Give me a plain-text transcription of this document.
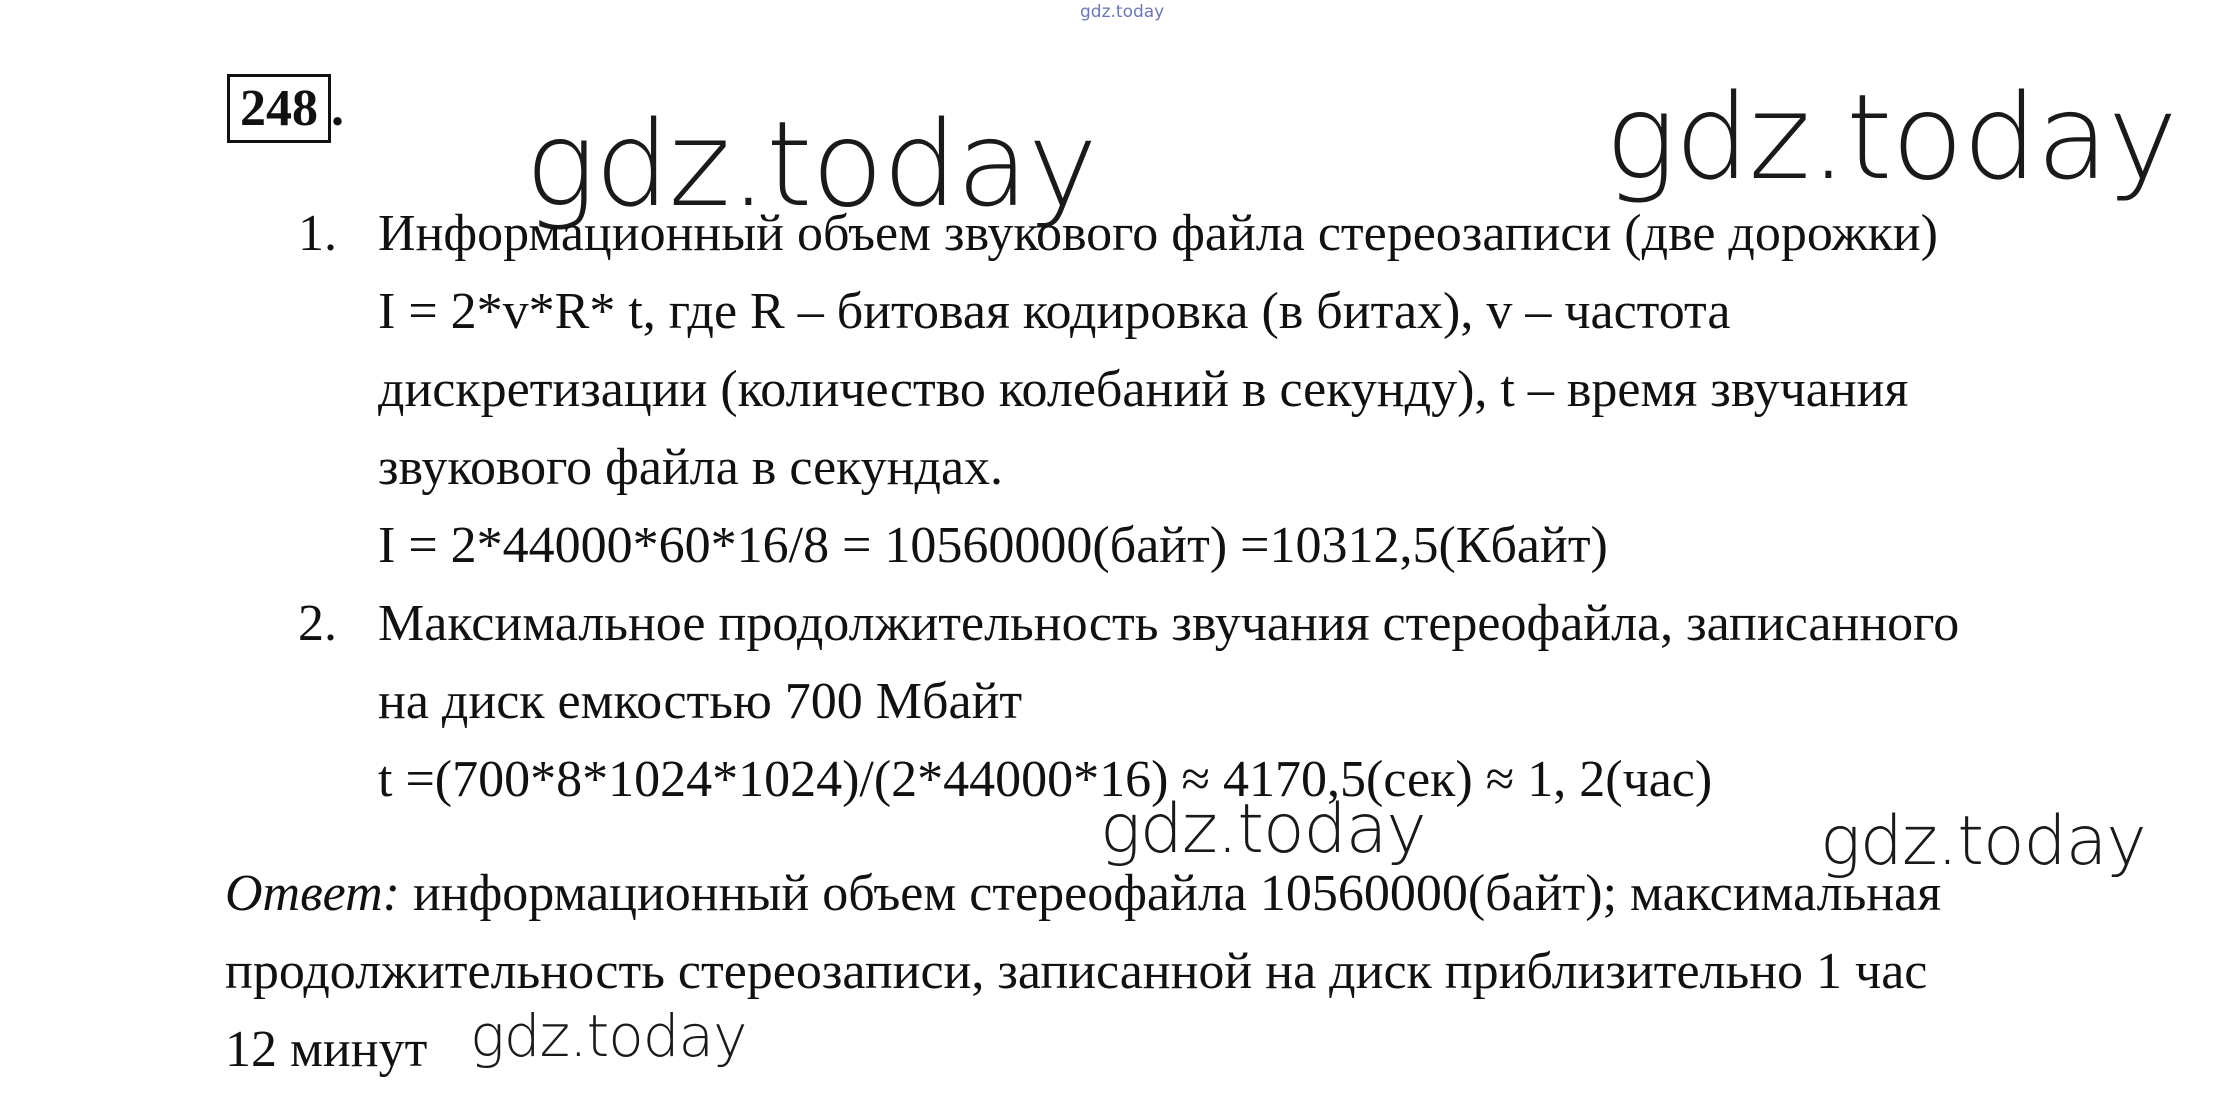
gdz.today
248 . gdz.today	gdz.today
1. Информационный объем звукового файла стереозаписи (две дорожки)
I = 2*v*R* t, где R – битовая кодировка (в битах), v – частота
дискретизации (количество колебаний в секунду), t – время звучания
звукового файла в секундах.
I = 2*44000*60*16/8 = 10560000(байт) =10312,5(Кбайт)
2. Максимальное продолжительность звучания стереофайла, записанного
на диск емкостью 700 Мбайт
t =(700*8*1024*1024)/(2*44000*16) ≈ 4170,5(сек) ≈ 1, 2(час)
gdz.today	gdz.today
Ответ: информационный объем стереофайла 10560000(байт); максимальная
продолжительность стереозаписи, записанной на диск приблизительно 1 час
12 минут gdz.today
